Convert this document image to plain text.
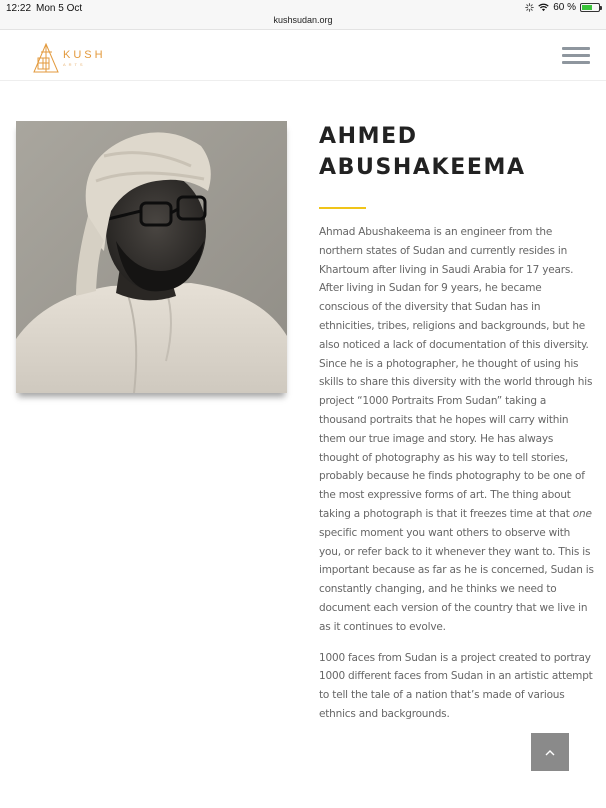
12:22 Mon 5 Oct
kushsudan.org
60 %
KUSH
ARTS
AHMED
ABUSHAKEEMA

Ahmad Abushakeema is an engineer from the northern states of Sudan and currently resides in Khartoum after living in Saudi Arabia for 17 years. After living in Sudan for 9 years, he became conscious of the diversity that Sudan has in ethnicities, tribes, religions and backgrounds, but he also noticed a lack of documentation of this diversity. Since he is a photographer, he thought of using his skills to share this diversity with the world through his project “1000 Portraits From Sudan” taking a thousand portraits that he hopes will carry within them our true image and story. He has always thought of photography as his way to tell stories, probably because he finds photography to be one of the most expressive forms of art. The thing about taking a photograph is that it freezes time at that one specific moment you want others to observe with you, or refer back to it whenever they want to. This is important because as far as he is concerned, Sudan is constantly changing, and he thinks we need to document each version of the country that we live in as it continues to evolve.

1000 faces from Sudan is a project created to portray 1000 different faces from Sudan in an artistic attempt to tell the tale of a nation that’s made of various ethnics and backgrounds.
